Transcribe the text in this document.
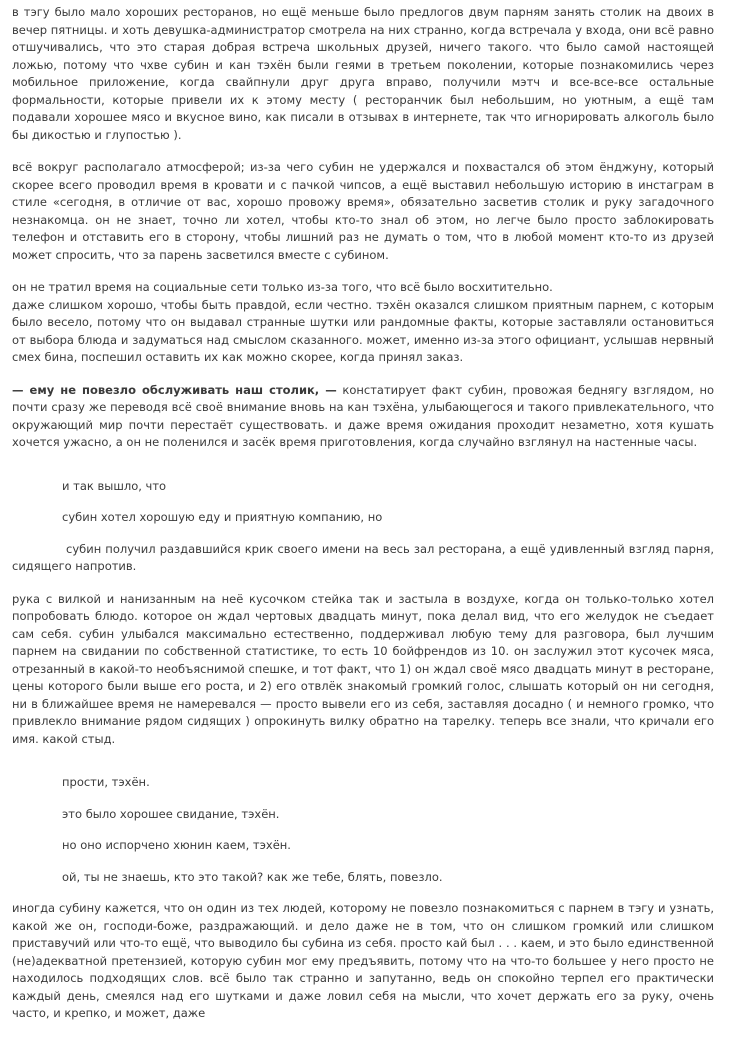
в тэгу было мало хороших ресторанов, но ещё меньше было предлогов двум парням занять столик на двоих в вечер пятницы. и хоть девушка-администратор смотрела на них странно, когда встречала у входа, они всё равно отшучивались, что это старая добрая встреча школьных друзей, ничего такого. что было самой настоящей ложью, потому что чхве субин и кан тэхён были геями в третьем поколении, которые познакомились через мобильное приложение, когда свайпнули друг друга вправо, получили мэтч и все-все-все остальные формальности, которые привели их к этому месту ( ресторанчик был небольшим, но уютным, а ещё там подавали хорошее мясо и вкусное вино, как писали в отзывах в интернете, так что игнорировать алкоголь было бы дикостью и глупостью ).

всё вокруг располагало атмосферой; из-за чего субин не удержался и похвастался об этом ёнджуну, который скорее всего проводил время в кровати и с пачкой чипсов, а ещё выставил небольшую историю в инстаграм в стиле «сегодня, в отличие от вас, хорошо провожу время», обязательно засветив столик и руку загадочного незнакомца. он не знает, точно ли хотел, чтобы кто-то знал об этом, но легче было просто заблокировать телефон и отставить его в сторону, чтобы лишний раз не думать о том, что в любой момент кто-то из друзей может спросить, что за парень засветился вместе с субином.

он не тратил время на социальные сети только из-за того, что всё было восхитительно.

даже слишком хорошо, чтобы быть правдой, если честно. тэхён оказался слишком приятным парнем, с которым было весело, потому что он выдавал странные шутки или рандомные факты, которые заставляли остановиться от выбора блюда и задуматься над смыслом сказанного. может, именно из-за этого официант, услышав нервный смех бина, поспешил оставить их как можно скорее, когда принял заказ.

— ему не повезло обслуживать наш столик, — констатирует факт субин, провожая беднягу взглядом, но почти сразу же переводя всё своё внимание вновь на кан тэхёна, улыбающегося и такого привлекательного, что окружающий мир почти перестаёт существовать. и даже время ожидания проходит незаметно, хотя кушать хочется ужасно, а он не поленился и засёк время приготовления, когда случайно взглянул на настенные часы.

и так вышло, что

субин хотел хорошую еду и приятную компанию, но

субин получил раздавшийся крик своего имени на весь зал ресторана, а ещё удивленный взгляд парня, сидящего напротив.

рука с вилкой и нанизанным на неё кусочком стейка так и застыла в воздухе, когда он только-только хотел попробовать блюдо. которое он ждал чертовых двадцать минут, пока делал вид, что его желудок не съедает сам себя. субин улыбался максимально естественно, поддерживал любую тему для разговора, был лучшим парнем на свидании по собственной статистике, то есть 10 бойфрендов из 10. он заслужил этот кусочек мяса, отрезанный в какой-то необъяснимой спешке, и тот факт, что 1) он ждал своё мясо двадцать минут в ресторане, цены которого были выше его роста, и 2) его отвлёк знакомый громкий голос, слышать который он ни сегодня, ни в ближайшее время не намеревался — просто вывели его из себя, заставляя досадно ( и немного громко, что привлекло внимание рядом сидящих ) опрокинуть вилку обратно на тарелку. теперь все знали, что кричали его имя. какой стыд.

прости, тэхён.

это было хорошее свидание, тэхён.

но оно испорчено хюнин каем, тэхён.

ой, ты не знаешь, кто это такой? как же тебе, блять, повезло.

иногда субину кажется, что он один из тех людей, которому не повезло познакомиться с парнем в тэгу и узнать, какой же он, господи-боже, раздражающий. и дело даже не в том, что он слишком громкий или слишком приставучий или что-то ещё, что выводило бы субина из себя. просто кай был . . . каем, и это было единственной (не)адекватной претензией, которую субин мог ему предъявить, потому что на что-то большее у него просто не находилось подходящих слов. всё было так странно и запутанно, ведь он спокойно терпел его практически каждый день, смеялся над его шутками и даже ловил себя на мысли, что хочет держать его за руку, очень часто, и крепко, и может, даже
